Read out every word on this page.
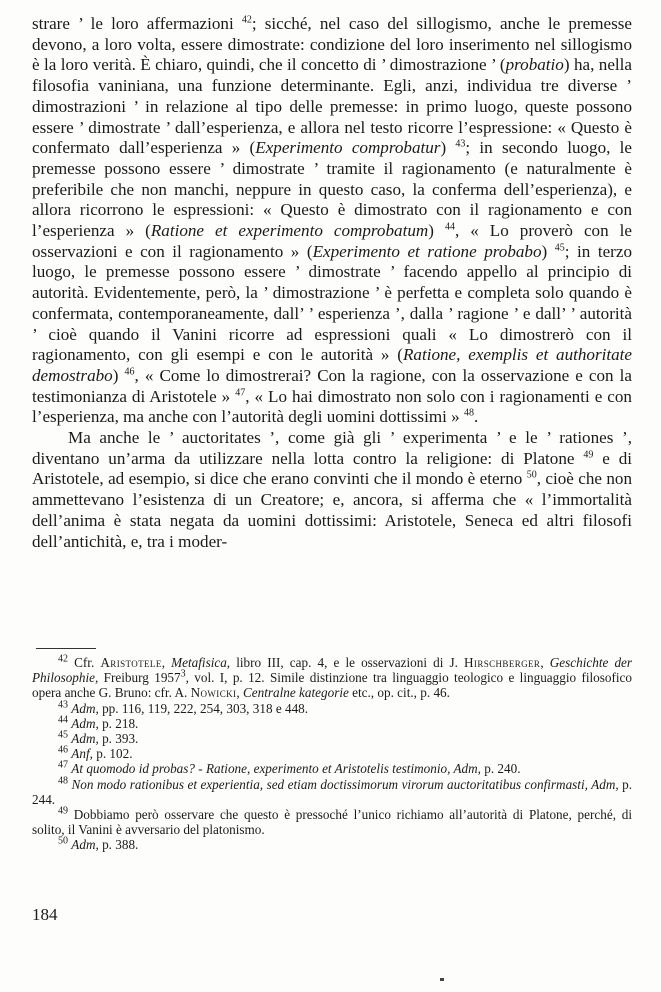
strare ’ le loro affermazioni $^{42}$; sicché, nel caso del sillogismo, anche le premesse devono, a loro volta, essere dimostrate: condizione del loro inserimento nel sillogismo è la loro verità. È chiaro, quindi, che il concetto di ’ dimostrazione ’ (probatio) ha, nella filosofia vaniniana, una funzione determinante. Egli, anzi, individua tre diverse ’ dimostrazioni ’ in relazione al tipo delle premesse: in primo luogo, queste possono essere ’ dimostrate ’ dall’esperienza, e allora nel testo ricorre l’espressione: « Questo è confermato dall’esperienza » (Experimento comprobatur) $^{43}$; in secondo luogo, le premesse possono essere ’ dimostrate ’ tramite il ragionamento (e naturalmente è preferibile che non manchi, neppure in questo caso, la conferma dell’esperienza), e allora ricorrono le espressioni: « Questo è dimostrato con il ragionamento e con l’esperienza » (Ratione et experimento comprobatum) $^{44}$, « Lo proverò con le osservazioni e con il ragionamento » (Experimento et ratione probabo) $^{45}$; in terzo luogo, le premesse possono essere ’ dimostrate ’ facendo appello al principio di autorità. Evidentemente, però, la ’ dimostrazione ’ è perfetta e completa solo quando è confermata, contemporaneamente, dall’ ’ esperienza ’, dalla ’ ragione ’ e dall’ ’ autorità ’ cioè quando il Vanini ricorre ad espressioni quali « Lo dimostrerò con il ragionamento, con gli esempi e con le autorità » (Ratione, exemplis et authoritate demostrabo) $^{46}$, « Come lo dimostrerai? Con la ragione, con la osservazione e con la testimonianza di Aristotele » $^{47}$, « Lo hai dimostrato non solo con i ragionamenti e con l’esperienza, ma anche con l’autorità degli uomini dottissimi » $^{48}$.

Ma anche le ’ auctoritates ’, come già gli ’ experimenta ’ e le ’ rationes ’, diventano un’arma da utilizzare nella lotta contro la religione: di Platone $^{49}$ e di Aristotele, ad esempio, si dice che erano convinti che il mondo è eterno $^{50}$, cioè che non ammettevano l’esistenza di un Creatore; e, ancora, si afferma che « l’immortalità dell’anima è stata negata da uomini dottissimi: Aristotele, Seneca ed altri filosofi dell’antichità, e, tra i moder-

$^{42}$ Cfr. Aristotele, Metafisica, libro III, cap. 4, e le osservazioni di J. Hirschberger, Geschichte der Philosophie, Freiburg 1957$^3$, vol. I, p. 12. Simile distinzione tra linguaggio teologico e linguaggio filosofico opera anche G. Bruno: cfr. A. Nowicki, Centralne kategorie etc., op. cit., p. 46.

$^{43}$ Adm, pp. 116, 119, 222, 254, 303, 318 e 448.

$^{44}$ Adm, p. 218.

$^{45}$ Adm, p. 393.

$^{46}$ Anf, p. 102.

$^{47}$ At quomodo id probas? - Ratione, experimento et Aristotelis testimonio, Adm, p. 240.

$^{48}$ Non modo rationibus et experientia, sed etiam doctissimorum virorum auctoritatibus confirmasti, Adm, p. 244.

$^{49}$ Dobbiamo però osservare che questo è pressoché l’unico richiamo all’autorità di Platone, perché, di solito, il Vanini è avversario del platonismo.

$^{50}$ Adm, p. 388.

184
